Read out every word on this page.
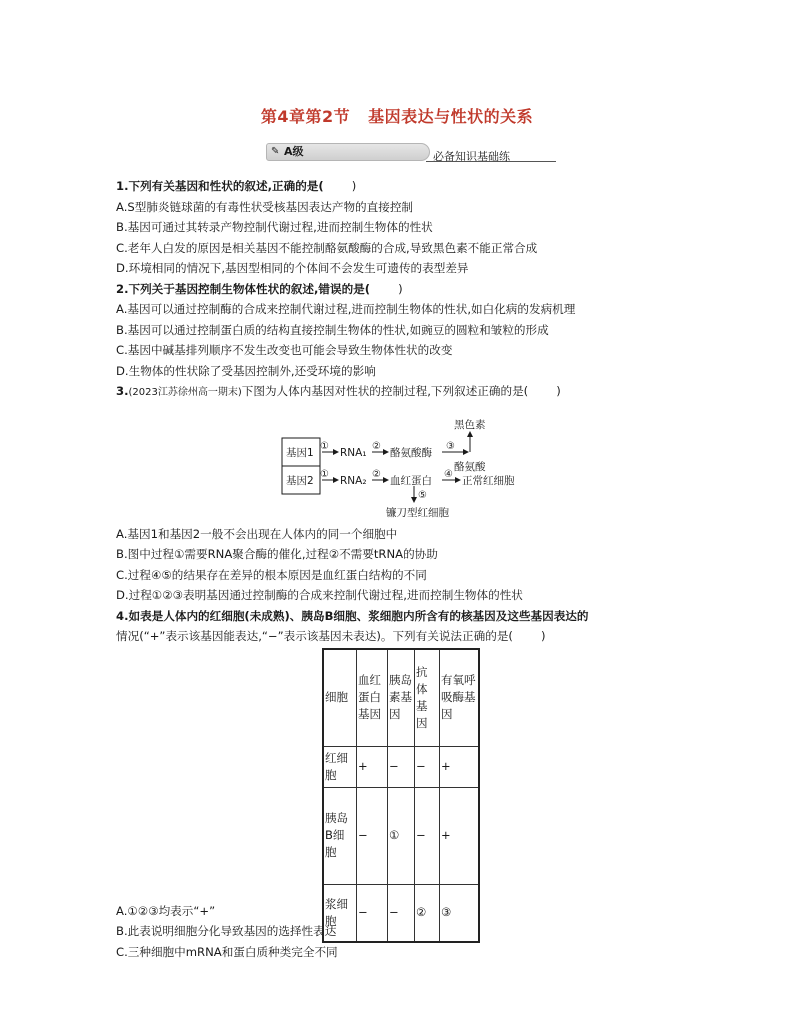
第4章第2节 基因表达与性状的关系
✎ A级	必备知识基础练
1.下列有关基因和性状的叙述,正确的是( )
A.S型肺炎链球菌的有毒性状受核基因表达产物的直接控制
B.基因可通过其转录产物控制代谢过程,进而控制生物体的性状
C.老年人白发的原因是相关基因不能控制酪氨酸酶的合成,导致黑色素不能正常合成
D.环境相同的情况下,基因型相同的个体间不会发生可遗传的表型差异
2.下列关于基因控制生物体性状的叙述,错误的是( )
A.基因可以通过控制酶的合成来控制代谢过程,进而控制生物体的性状,如白化病的发病机理
B.基因可以通过控制蛋白质的结构直接控制生物体的性状,如豌豆的圆粒和皱粒的形成
C.基因中碱基排列顺序不发生改变也可能会导致生物体性状的改变
D.生物体的性状除了受基因控制外,还受环境的影响
3.(2023江苏徐州高一期末)下图为人体内基因对性状的控制过程,下列叙述正确的是( )
基因1
基因2
①
RNA₁
②
酪氨酸酶
③
黑色素
酪氨酸
①
RNA₂
②
血红蛋白
④
正常红细胞
⑤
镰刀型红细胞
A.基因1和基因2一般不会出现在人体内的同一个细胞中
B.图中过程①需要RNA聚合酶的催化,过程②不需要tRNA的协助
C.过程④⑤的结果存在差异的根本原因是血红蛋白结构的不同
D.过程①②③表明基因通过控制酶的合成来控制代谢过程,进而控制生物体的性状
4.如表是人体内的红细胞(未成熟)、胰岛B细胞、浆细胞内所含有的核基因及这些基因表达的
情况(“+”表示该基因能表达,“−”表示该基因未表达)。下列有关说法正确的是( )
细胞	血红蛋白基因	胰岛素基因	抗体基因	有氧呼吸酶基因

红细胞	+	−	−	+

胰岛B细胞	−	①	−	+

浆细胞	−	−	②	③
A.①②③均表示“+”
B.此表说明细胞分化导致基因的选择性表达
C.三种细胞中mRNA和蛋白质种类完全不同
